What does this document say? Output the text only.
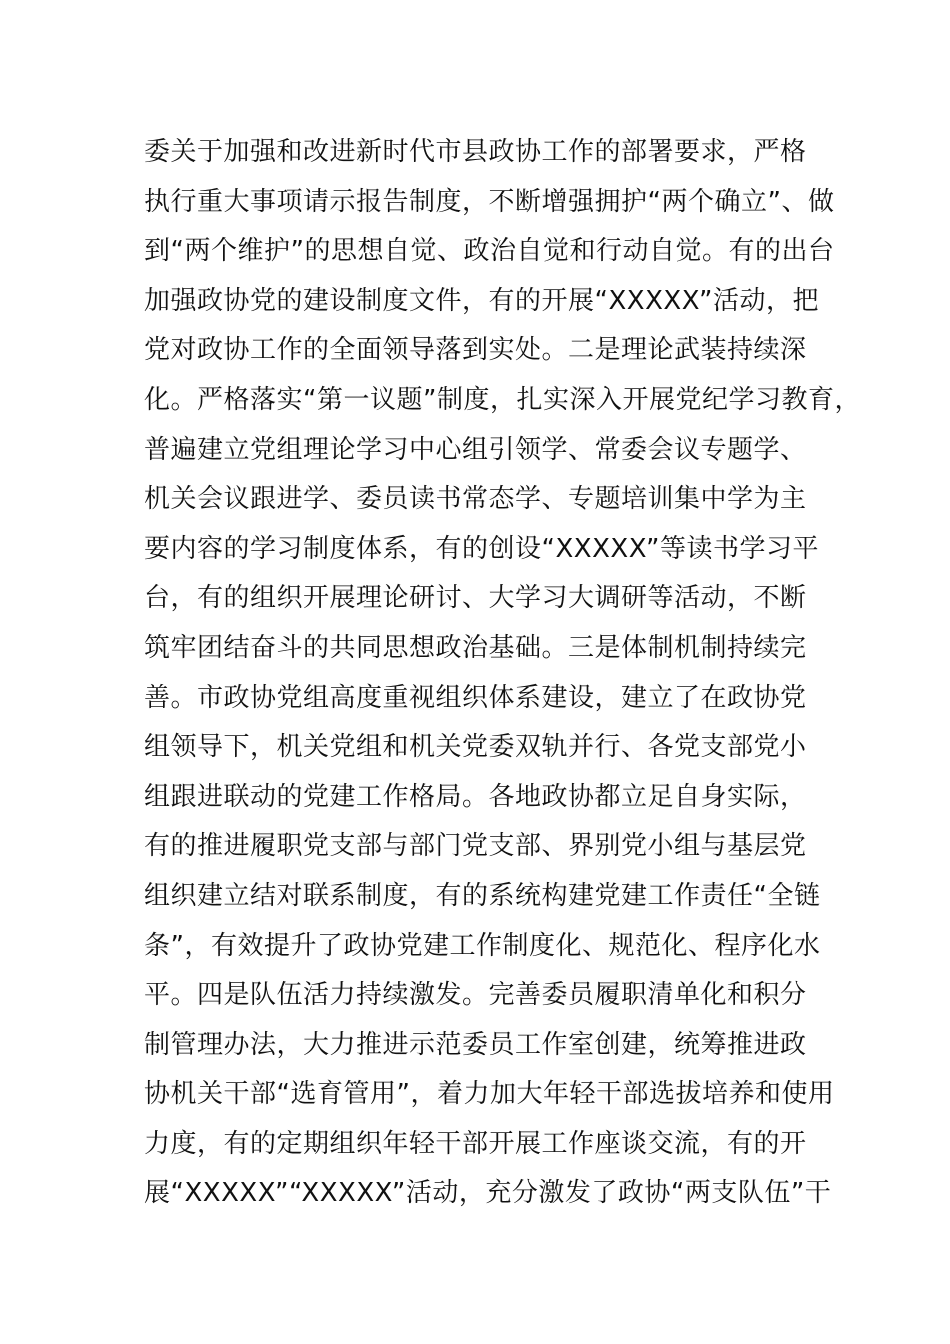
委关于加强和改进新时代市县政协工作的部署要求，严格
执行重大事项请示报告制度，不断增强拥护“两个确立”、做
到“两个维护”的思想自觉、政治自觉和行动自觉。有的出台
加强政协党的建设制度文件，有的开展“XXXXX”活动，把
党对政协工作的全面领导落到实处。二是理论武装持续深
化。严格落实“第一议题”制度，扎实深入开展党纪学习教育，
普遍建立党组理论学习中心组引领学、常委会议专题学、
机关会议跟进学、委员读书常态学、专题培训集中学为主
要内容的学习制度体系，有的创设“XXXXX”等读书学习平
台，有的组织开展理论研讨、大学习大调研等活动，不断
筑牢团结奋斗的共同思想政治基础。三是体制机制持续完
善。市政协党组高度重视组织体系建设，建立了在政协党
组领导下，机关党组和机关党委双轨并行、各党支部党小
组跟进联动的党建工作格局。各地政协都立足自身实际，
有的推进履职党支部与部门党支部、界别党小组与基层党
组织建立结对联系制度，有的系统构建党建工作责任“全链
条”，有效提升了政协党建工作制度化、规范化、程序化水
平。四是队伍活力持续激发。完善委员履职清单化和积分
制管理办法，大力推进示范委员工作室创建，统筹推进政
协机关干部“选育管用”，着力加大年轻干部选拔培养和使用
力度，有的定期组织年轻干部开展工作座谈交流，有的开
展“XXXXX”“XXXXX”活动，充分激发了政协“两支队伍”干
